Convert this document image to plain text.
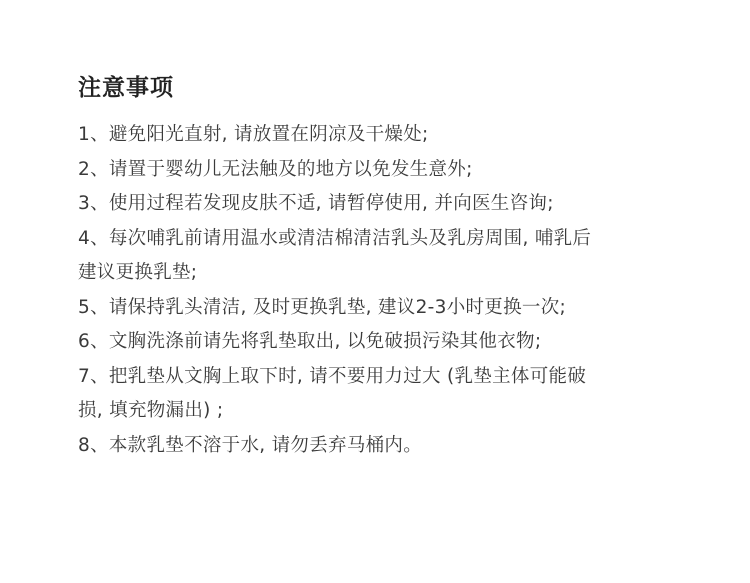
注意事项
1、避免阳光直射, 请放置在阴凉及干燥处;
2、请置于婴幼儿无法触及的地方以免发生意外;
3、使用过程若发现皮肤不适, 请暂停使用, 并向医生咨询;
4、每次哺乳前请用温水或清洁棉清洁乳头及乳房周围, 哺乳后
建议更换乳垫;
5、请保持乳头清洁, 及时更换乳垫, 建议2-3小时更换一次;
6、文胸洗涤前请先将乳垫取出, 以免破损污染其他衣物;
7、把乳垫从文胸上取下时, 请不要用力过大 (乳垫主体可能破
损, 填充物漏出) ;
8、本款乳垫不溶于水, 请勿丢弃马桶内。
